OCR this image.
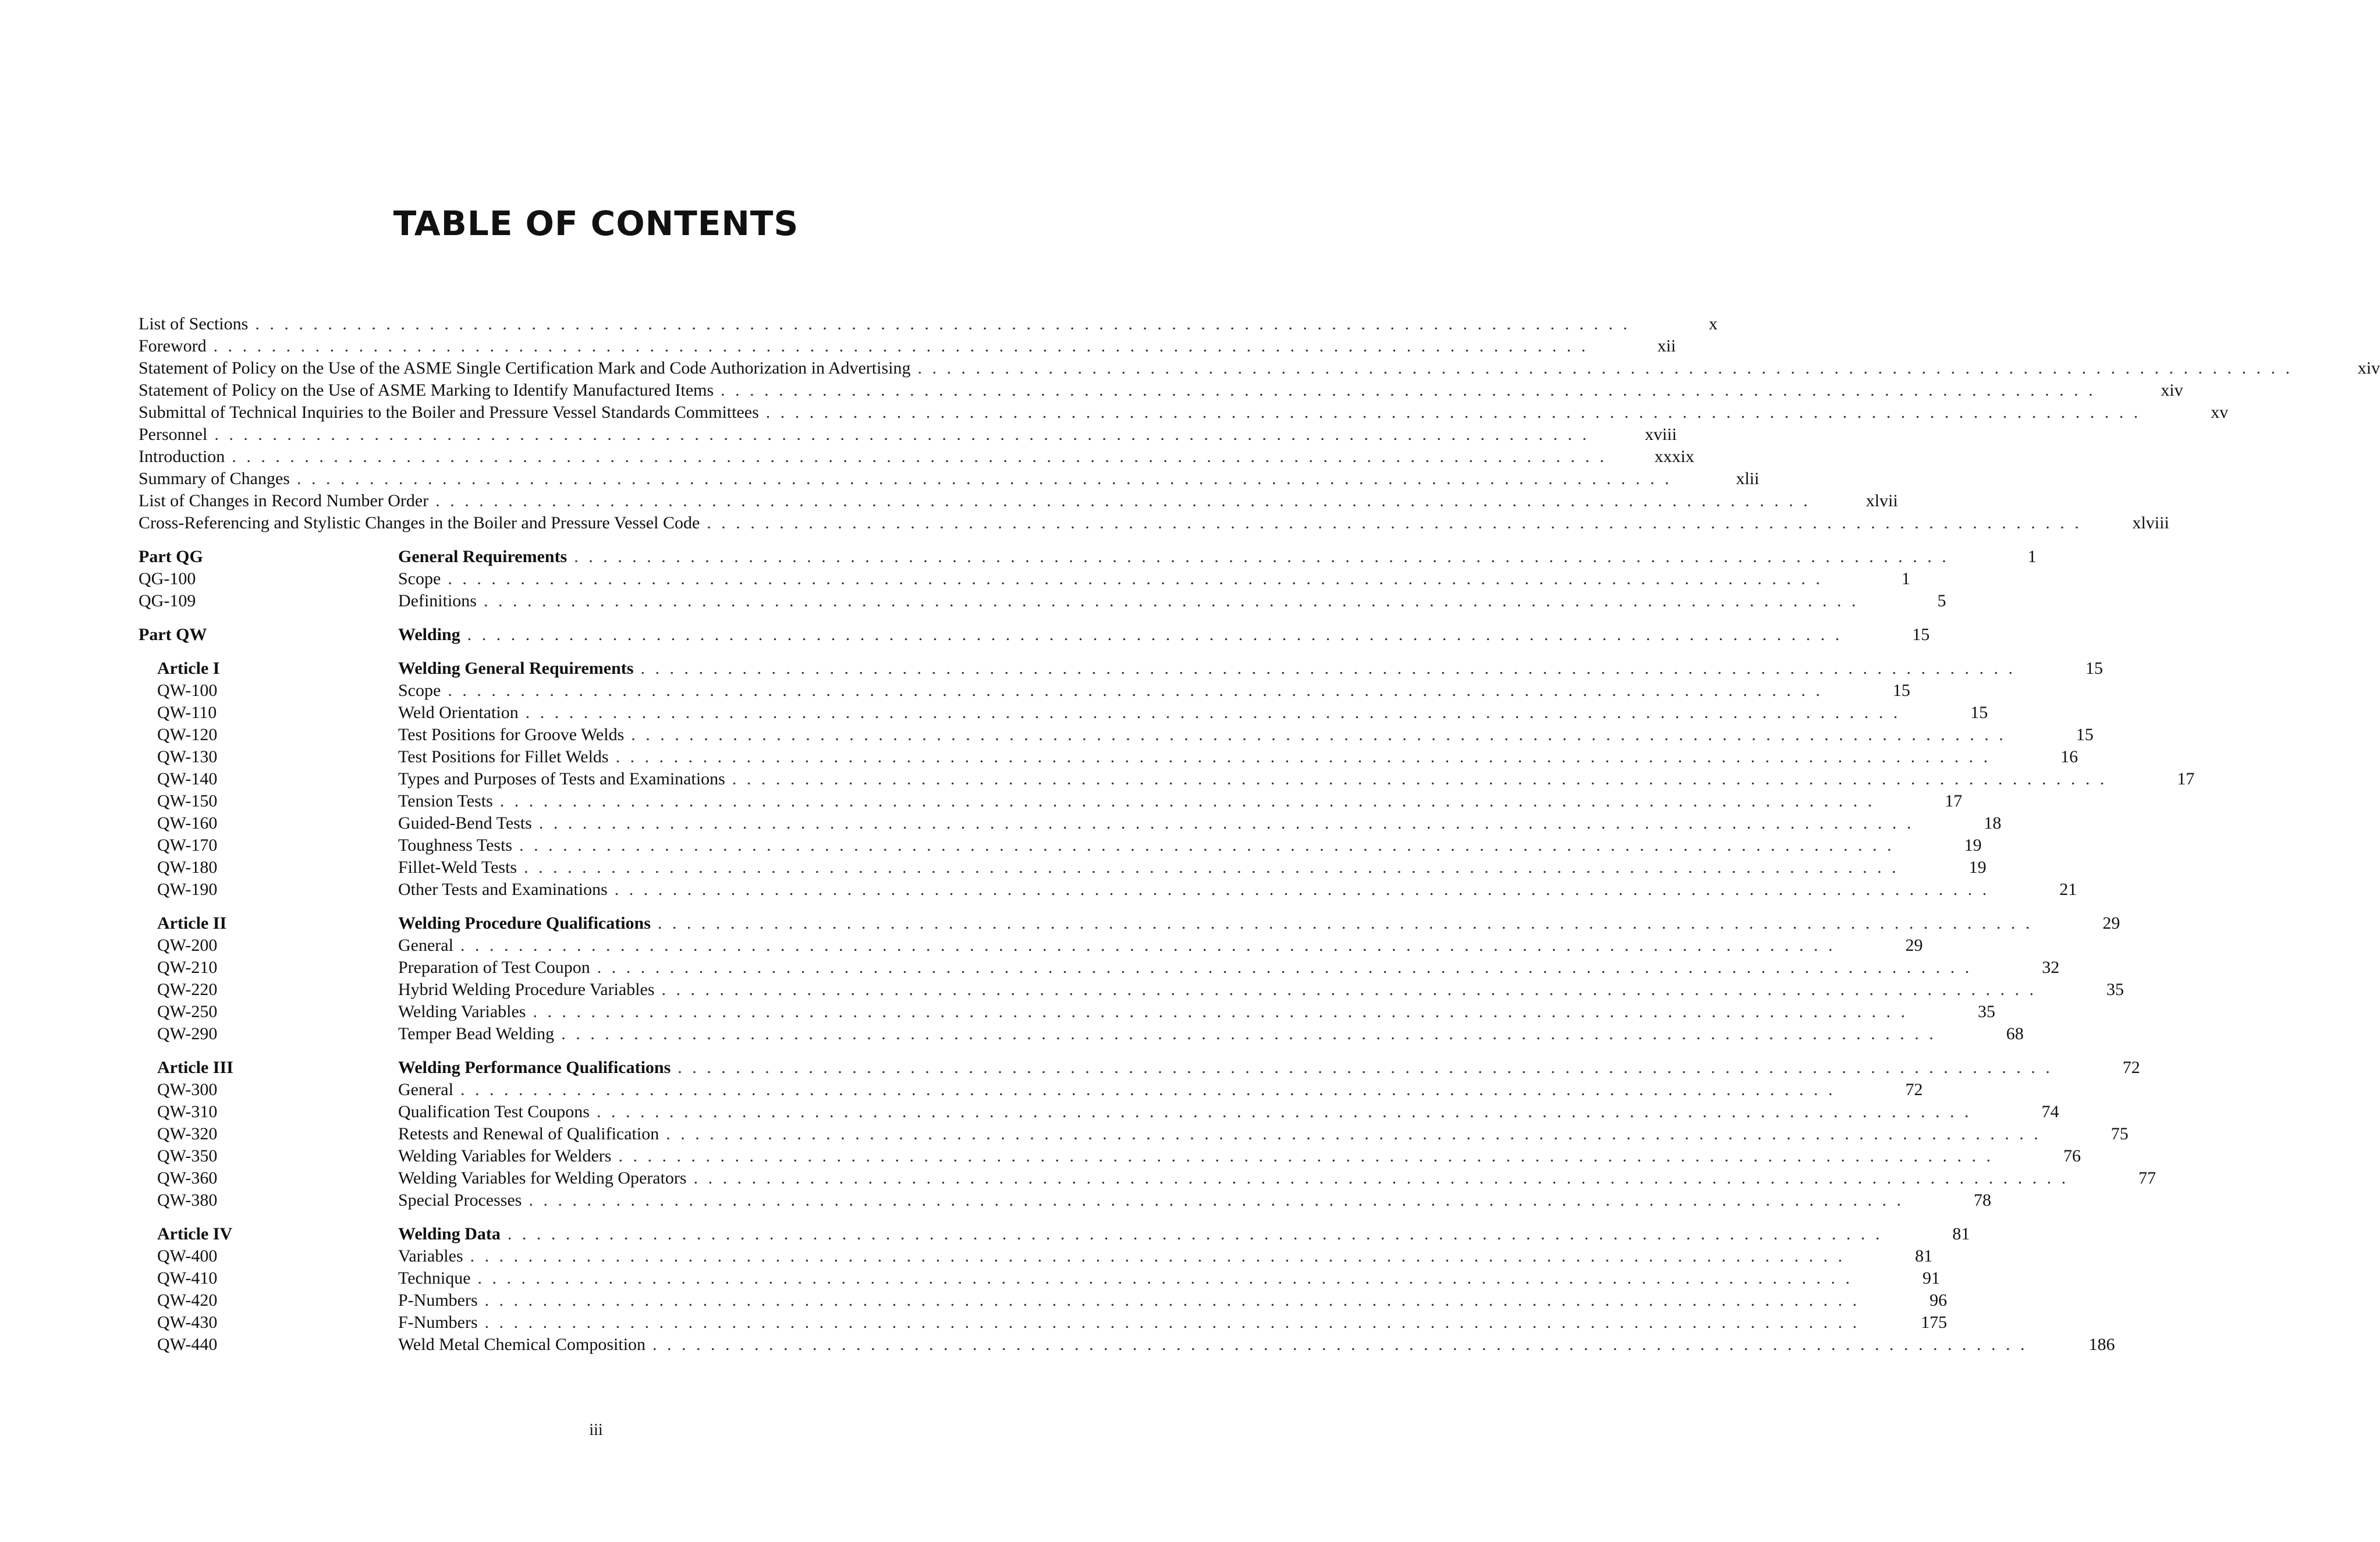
TABLE OF CONTENTS
List of Sections . . . . . . . . . . . . . . . . . . . . . . . . . . . . . . . . . . . . . . . . . . . . . . . . . . . . . . . . . . . . . . . . . . . . . . . . . . . . . . . . . . . . . . . . . . . . . . .	x
Foreword . . . . . . . . . . . . . . . . . . . . . . . . . . . . . . . . . . . . . . . . . . . . . . . . . . . . . . . . . . . . . . . . . . . . . . . . . . . . . . . . . . . . . . . . . . . . . . .	xii
Statement of Policy on the Use of the ASME Single Certification Mark and Code Authorization in Advertising . . . . . . . . . . . . . . . . . . . . . . . . . . . . . . . . . . . . . . . . . . . . . . . . . . . . . . . . . . . . . . . . . . . . . . . . . . . . . . . . . . . . . . . . . . . . . . .	xiv
Statement of Policy on the Use of ASME Marking to Identify Manufactured Items . . . . . . . . . . . . . . . . . . . . . . . . . . . . . . . . . . . . . . . . . . . . . . . . . . . . . . . . . . . . . . . . . . . . . . . . . . . . . . . . . . . . . . . . . . . . . . .	xiv
Submittal of Technical Inquiries to the Boiler and Pressure Vessel Standards Committees . . . . . . . . . . . . . . . . . . . . . . . . . . . . . . . . . . . . . . . . . . . . . . . . . . . . . . . . . . . . . . . . . . . . . . . . . . . . . . . . . . . . . . . . . . . . . . .	xv
Personnel . . . . . . . . . . . . . . . . . . . . . . . . . . . . . . . . . . . . . . . . . . . . . . . . . . . . . . . . . . . . . . . . . . . . . . . . . . . . . . . . . . . . . . . . . . . . . . .	xviii
Introduction . . . . . . . . . . . . . . . . . . . . . . . . . . . . . . . . . . . . . . . . . . . . . . . . . . . . . . . . . . . . . . . . . . . . . . . . . . . . . . . . . . . . . . . . . . . . . . .	xxxix
Summary of Changes . . . . . . . . . . . . . . . . . . . . . . . . . . . . . . . . . . . . . . . . . . . . . . . . . . . . . . . . . . . . . . . . . . . . . . . . . . . . . . . . . . . . . . . . . . . . . . .	xlii
List of Changes in Record Number Order . . . . . . . . . . . . . . . . . . . . . . . . . . . . . . . . . . . . . . . . . . . . . . . . . . . . . . . . . . . . . . . . . . . . . . . . . . . . . . . . . . . . . . . . . . . . . . .	xlvii
Cross-Referencing and Stylistic Changes in the Boiler and Pressure Vessel Code . . . . . . . . . . . . . . . . . . . . . . . . . . . . . . . . . . . . . . . . . . . . . . . . . . . . . . . . . . . . . . . . . . . . . . . . . . . . . . . . . . . . . . . . . . . . . . .	xlviii
Part QG	General Requirements . . . . . . . . . . . . . . . . . . . . . . . . . . . . . . . . . . . . . . . . . . . . . . . . . . . . . . . . . . . . . . . . . . . . . . . . . . . . . . . . . . . . . . . . . . . . . . .	1
QG-100	Scope . . . . . . . . . . . . . . . . . . . . . . . . . . . . . . . . . . . . . . . . . . . . . . . . . . . . . . . . . . . . . . . . . . . . . . . . . . . . . . . . . . . . . . . . . . . . . . .	1
QG-109	Definitions . . . . . . . . . . . . . . . . . . . . . . . . . . . . . . . . . . . . . . . . . . . . . . . . . . . . . . . . . . . . . . . . . . . . . . . . . . . . . . . . . . . . . . . . . . . . . . .	5
Part QW	Welding . . . . . . . . . . . . . . . . . . . . . . . . . . . . . . . . . . . . . . . . . . . . . . . . . . . . . . . . . . . . . . . . . . . . . . . . . . . . . . . . . . . . . . . . . . . . . . .	15
Article I	Welding General Requirements . . . . . . . . . . . . . . . . . . . . . . . . . . . . . . . . . . . . . . . . . . . . . . . . . . . . . . . . . . . . . . . . . . . . . . . . . . . . . . . . . . . . . . . . . . . . . . .	15
QW-100	Scope . . . . . . . . . . . . . . . . . . . . . . . . . . . . . . . . . . . . . . . . . . . . . . . . . . . . . . . . . . . . . . . . . . . . . . . . . . . . . . . . . . . . . . . . . . . . . . .	15
QW-110	Weld Orientation . . . . . . . . . . . . . . . . . . . . . . . . . . . . . . . . . . . . . . . . . . . . . . . . . . . . . . . . . . . . . . . . . . . . . . . . . . . . . . . . . . . . . . . . . . . . . . .	15
QW-120	Test Positions for Groove Welds . . . . . . . . . . . . . . . . . . . . . . . . . . . . . . . . . . . . . . . . . . . . . . . . . . . . . . . . . . . . . . . . . . . . . . . . . . . . . . . . . . . . . . . . . . . . . . .	15
QW-130	Test Positions for Fillet Welds . . . . . . . . . . . . . . . . . . . . . . . . . . . . . . . . . . . . . . . . . . . . . . . . . . . . . . . . . . . . . . . . . . . . . . . . . . . . . . . . . . . . . . . . . . . . . . .	16
QW-140	Types and Purposes of Tests and Examinations . . . . . . . . . . . . . . . . . . . . . . . . . . . . . . . . . . . . . . . . . . . . . . . . . . . . . . . . . . . . . . . . . . . . . . . . . . . . . . . . . . . . . . . . . . . . . . .	17
QW-150	Tension Tests . . . . . . . . . . . . . . . . . . . . . . . . . . . . . . . . . . . . . . . . . . . . . . . . . . . . . . . . . . . . . . . . . . . . . . . . . . . . . . . . . . . . . . . . . . . . . . .	17
QW-160	Guided-Bend Tests . . . . . . . . . . . . . . . . . . . . . . . . . . . . . . . . . . . . . . . . . . . . . . . . . . . . . . . . . . . . . . . . . . . . . . . . . . . . . . . . . . . . . . . . . . . . . . .	18
QW-170	Toughness Tests . . . . . . . . . . . . . . . . . . . . . . . . . . . . . . . . . . . . . . . . . . . . . . . . . . . . . . . . . . . . . . . . . . . . . . . . . . . . . . . . . . . . . . . . . . . . . . .	19
QW-180	Fillet-Weld Tests . . . . . . . . . . . . . . . . . . . . . . . . . . . . . . . . . . . . . . . . . . . . . . . . . . . . . . . . . . . . . . . . . . . . . . . . . . . . . . . . . . . . . . . . . . . . . . .	19
QW-190	Other Tests and Examinations . . . . . . . . . . . . . . . . . . . . . . . . . . . . . . . . . . . . . . . . . . . . . . . . . . . . . . . . . . . . . . . . . . . . . . . . . . . . . . . . . . . . . . . . . . . . . . .	21
Article II	Welding Procedure Qualifications . . . . . . . . . . . . . . . . . . . . . . . . . . . . . . . . . . . . . . . . . . . . . . . . . . . . . . . . . . . . . . . . . . . . . . . . . . . . . . . . . . . . . . . . . . . . . . .	29
QW-200	General . . . . . . . . . . . . . . . . . . . . . . . . . . . . . . . . . . . . . . . . . . . . . . . . . . . . . . . . . . . . . . . . . . . . . . . . . . . . . . . . . . . . . . . . . . . . . . .	29
QW-210	Preparation of Test Coupon . . . . . . . . . . . . . . . . . . . . . . . . . . . . . . . . . . . . . . . . . . . . . . . . . . . . . . . . . . . . . . . . . . . . . . . . . . . . . . . . . . . . . . . . . . . . . . .	32
QW-220	Hybrid Welding Procedure Variables . . . . . . . . . . . . . . . . . . . . . . . . . . . . . . . . . . . . . . . . . . . . . . . . . . . . . . . . . . . . . . . . . . . . . . . . . . . . . . . . . . . . . . . . . . . . . . .	35
QW-250	Welding Variables . . . . . . . . . . . . . . . . . . . . . . . . . . . . . . . . . . . . . . . . . . . . . . . . . . . . . . . . . . . . . . . . . . . . . . . . . . . . . . . . . . . . . . . . . . . . . . .	35
QW-290	Temper Bead Welding . . . . . . . . . . . . . . . . . . . . . . . . . . . . . . . . . . . . . . . . . . . . . . . . . . . . . . . . . . . . . . . . . . . . . . . . . . . . . . . . . . . . . . . . . . . . . . .	68
Article III	Welding Performance Qualifications . . . . . . . . . . . . . . . . . . . . . . . . . . . . . . . . . . . . . . . . . . . . . . . . . . . . . . . . . . . . . . . . . . . . . . . . . . . . . . . . . . . . . . . . . . . . . . .	72
QW-300	General . . . . . . . . . . . . . . . . . . . . . . . . . . . . . . . . . . . . . . . . . . . . . . . . . . . . . . . . . . . . . . . . . . . . . . . . . . . . . . . . . . . . . . . . . . . . . . .	72
QW-310	Qualification Test Coupons . . . . . . . . . . . . . . . . . . . . . . . . . . . . . . . . . . . . . . . . . . . . . . . . . . . . . . . . . . . . . . . . . . . . . . . . . . . . . . . . . . . . . . . . . . . . . . .	74
QW-320	Retests and Renewal of Qualification . . . . . . . . . . . . . . . . . . . . . . . . . . . . . . . . . . . . . . . . . . . . . . . . . . . . . . . . . . . . . . . . . . . . . . . . . . . . . . . . . . . . . . . . . . . . . . .	75
QW-350	Welding Variables for Welders . . . . . . . . . . . . . . . . . . . . . . . . . . . . . . . . . . . . . . . . . . . . . . . . . . . . . . . . . . . . . . . . . . . . . . . . . . . . . . . . . . . . . . . . . . . . . . .	76
QW-360	Welding Variables for Welding Operators . . . . . . . . . . . . . . . . . . . . . . . . . . . . . . . . . . . . . . . . . . . . . . . . . . . . . . . . . . . . . . . . . . . . . . . . . . . . . . . . . . . . . . . . . . . . . . .	77
QW-380	Special Processes . . . . . . . . . . . . . . . . . . . . . . . . . . . . . . . . . . . . . . . . . . . . . . . . . . . . . . . . . . . . . . . . . . . . . . . . . . . . . . . . . . . . . . . . . . . . . . .	78
Article IV	Welding Data . . . . . . . . . . . . . . . . . . . . . . . . . . . . . . . . . . . . . . . . . . . . . . . . . . . . . . . . . . . . . . . . . . . . . . . . . . . . . . . . . . . . . . . . . . . . . . .	81
QW-400	Variables . . . . . . . . . . . . . . . . . . . . . . . . . . . . . . . . . . . . . . . . . . . . . . . . . . . . . . . . . . . . . . . . . . . . . . . . . . . . . . . . . . . . . . . . . . . . . . .	81
QW-410	Technique . . . . . . . . . . . . . . . . . . . . . . . . . . . . . . . . . . . . . . . . . . . . . . . . . . . . . . . . . . . . . . . . . . . . . . . . . . . . . . . . . . . . . . . . . . . . . . .	91
QW-420	P-Numbers . . . . . . . . . . . . . . . . . . . . . . . . . . . . . . . . . . . . . . . . . . . . . . . . . . . . . . . . . . . . . . . . . . . . . . . . . . . . . . . . . . . . . . . . . . . . . . .	96
QW-430	F-Numbers . . . . . . . . . . . . . . . . . . . . . . . . . . . . . . . . . . . . . . . . . . . . . . . . . . . . . . . . . . . . . . . . . . . . . . . . . . . . . . . . . . . . . . . . . . . . . . .	175
QW-440	Weld Metal Chemical Composition . . . . . . . . . . . . . . . . . . . . . . . . . . . . . . . . . . . . . . . . . . . . . . . . . . . . . . . . . . . . . . . . . . . . . . . . . . . . . . . . . . . . . . . . . . . . . . .	186
iii
